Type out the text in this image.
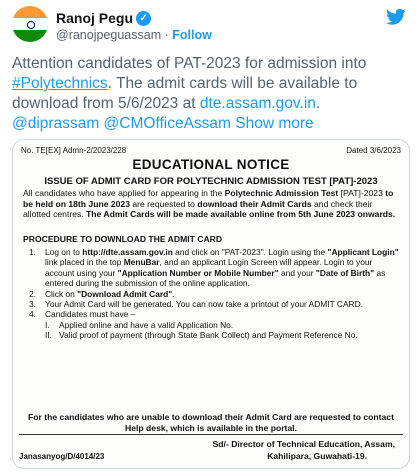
Ranoj Pegu ✓
@ranojpeguassam · Follow
Attention candidates of PAT-2023 for admission into #Polytechnics. The admit cards will be available to download from 5/6/2023 at dte.assam.gov.in.
@diprassam @CMOfficeAssam Show more
No. TE[EX] Admn-2/2023/228	Dated 3/6/2023
EDUCATIONAL NOTICE
ISSUE OF ADMIT CARD FOR POLYTECHNIC ADMISSION TEST [PAT]-2023
All candidates who have applied for appearing in the Polytechnic Admission Test [PAT]-2023 to be held on 18th June 2023 are requested to download their Admit Cards and check their allotted centres. The Admit Cards will be made available online from 5th June 2023 onwards.
PROCEDURE TO DOWNLOAD THE ADMIT CARD
1.	Log on to http://dte.assam.gov.in and click on "PAT-2023". Login using the "Applicant Login" link placed in the top MenuBar, and an applicant Login Screen will appear. Login to your account using your "Application Number or Mobile Number" and your "Date of Birth" as entered during the submission of the online application.
2.	Click on "Download Admit Card".
3.	Your Admit Card will be generated. You can now take a printout of your ADMIT CARD.
4.	Candidates must have –
I.	Applied online and have a valid Application No.
II. Valid proof of payment (through State Bank Collect) and Payment Reference No.
For the candidates who are unable to download their Admit Card are requested to contact Help desk, which is available in the portal.
Sd/- Director of Technical Education, Assam,
Janasanyog/D/4014/23	Kahilipara, Guwahati-19.
